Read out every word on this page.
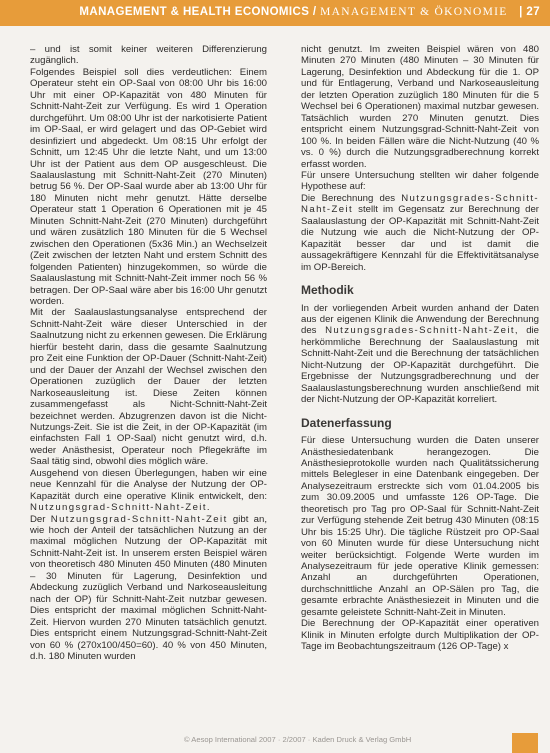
MANAGEMENT & HEALTH ECONOMICS / MANAGEMENT & ÖKONOMIE | 27

– und ist somit keiner weiteren Differenzierung zugänglich.

Folgendes Beispiel soll dies verdeutlichen: Einem Operateur steht ein OP-Saal von 08:00 Uhr bis 16:00 Uhr mit einer OP-Kapazität von 480 Minuten für Schnitt-Naht-Zeit zur Verfügung. Es wird 1 Operation durchgeführt. Um 08:00 Uhr ist der narkotisierte Patient im OP-Saal, er wird gelagert und das OP-Gebiet wird desinfiziert und abgedeckt. Um 08:15 Uhr erfolgt der Schnitt, um 12:45 Uhr die letzte Naht, und um 13:00 Uhr ist der Patient aus dem OP ausgeschleust. Die Saalauslastung mit Schnitt-Naht-Zeit (270 Minuten) betrug 56 %. Der OP-Saal wurde aber ab 13:00 Uhr für 180 Minuten nicht mehr genutzt. Hätte derselbe Operateur statt 1 Operation 6 Operationen mit je 45 Minuten Schnitt-Naht-Zeit (270 Minuten) durchgeführt und wären zusätzlich 180 Minuten für die 5 Wechsel zwischen den Operationen (5x36 Min.) an Wechselzeit (Zeit zwischen der letzten Naht und erstem Schnitt des folgenden Patienten) hinzugekommen, so würde die Saalauslastung mit Schnitt-Naht-Zeit immer noch 56 % betragen. Der OP-Saal wäre aber bis 16:00 Uhr genutzt worden.

Mit der Saalauslastungsanalyse entsprechend der Schnitt-Naht-Zeit wäre dieser Unterschied in der Saalnutzung nicht zu erkennen gewesen. Die Erklärung hierfür besteht darin, dass die gesamte Saalnutzung pro Zeit eine Funktion der OP-Dauer (Schnitt-Naht-Zeit) und der Dauer der Anzahl der Wechsel zwischen den Operationen zuzüglich der Dauer der letzten Narkoseausleitung ist. Diese Zeiten können zusammengefasst als Nicht-Schnitt-Naht-Zeit bezeichnet werden. Abzugrenzen davon ist die Nicht-Nutzungs-Zeit. Sie ist die Zeit, in der OP-Kapazität (im einfachsten Fall 1 OP-Saal) nicht genutzt wird, d.h. weder Anästhesist, Operateur noch Pflegekräfte im Saal tätig sind, obwohl dies möglich wäre.

Ausgehend von diesen Überlegungen, haben wir eine neue Kennzahl für die Analyse der Nutzung der OP-Kapazität durch eine operative Klinik entwickelt, den: Nutzungsgrad-Schnitt-Naht-Zeit.

Der Nutzungsgrad-Schnitt-Naht-Zeit gibt an, wie hoch der Anteil der tatsächlichen Nutzung an der maximal möglichen Nutzung der OP-Kapazität mit Schnitt-Naht-Zeit ist. In unserem ersten Beispiel wären von theoretisch 480 Minuten 450 Minuten (480 Minuten – 30 Minuten für Lagerung, Desinfektion und Abdeckung zuzüglich Verband und Narkoseausleitung nach der OP) für Schnitt-Naht-Zeit nutzbar gewesen. Dies entspricht der maximal möglichen Schnitt-Naht-Zeit. Hiervon wurden 270 Minuten tatsächlich genutzt. Dies entspricht einem Nutzungsgrad-Schnitt-Naht-Zeit von 60 % (270x100/450=60). 40 % von 450 Minuten, d.h. 180 Minuten wurden

nicht genutzt. Im zweiten Beispiel wären von 480 Minuten 270 Minuten (480 Minuten – 30 Minuten für Lagerung, Desinfektion und Abdeckung für die 1. OP und für Entlagerung, Verband und Narkoseausleitung der letzten Operation zuzüglich 180 Minuten für die 5 Wechsel bei 6 Operationen) maximal nutzbar gewesen. Tatsächlich wurden 270 Minuten genutzt. Dies entspricht einem Nutzungsgrad-Schnitt-Naht-Zeit von 100 %. In beiden Fällen wäre die Nicht-Nutzung (40 % vs. 0 %) durch die Nutzungsgradberechnung korrekt erfasst worden.

Für unsere Untersuchung stellten wir daher folgende Hypothese auf:

Die Berechnung des Nutzungsgrades-Schnitt-Naht-Zeit stellt im Gegensatz zur Berechnung der Saalauslastung der OP-Kapazität mit Schnitt-Naht-Zeit die Nutzung wie auch die Nicht-Nutzung der OP-Kapazität besser dar und ist damit die aussagekräftigere Kennzahl für die Effektivitätsanalyse im OP-Bereich.

Methodik

In der vorliegenden Arbeit wurden anhand der Daten aus der eigenen Klinik die Anwendung der Berechnung des Nutzungsgrades-Schnitt-Naht-Zeit, die herkömmliche Berechnung der Saalauslastung mit Schnitt-Naht-Zeit und die Berechnung der tatsächlichen Nicht-Nutzung der OP-Kapazität durchgeführt. Die Ergebnisse der Nutzungsgradberechnung und der Saalauslastungsberechnung wurden anschließend mit der Nicht-Nutzung der OP-Kapazität korreliert.

Datenerfassung

Für diese Untersuchung wurden die Daten unserer Anästhesiedatenbank herangezogen. Die Anästhesieprotokolle wurden nach Qualitätssicherung mittels Belegleser in eine Datenbank eingegeben. Der Analysezeitraum erstreckte sich vom 01.04.2005 bis zum 30.09.2005 und umfasste 126 OP-Tage. Die theoretisch pro Tag pro OP-Saal für Schnitt-Naht-Zeit zur Verfügung stehende Zeit betrug 430 Minuten (08:15 Uhr bis 15:25 Uhr). Die tägliche Rüstzeit pro OP-Saal von 60 Minuten wurde für diese Untersuchung nicht weiter berücksichtigt. Folgende Werte wurden im Analysezeitraum für jede operative Klinik gemessen: Anzahl an durchgeführten Operationen, durchschnittliche Anzahl an OP-Sälen pro Tag, die gesamte erbrachte Anästhesiezeit in Minuten und die gesamte geleistete Schnitt-Naht-Zeit in Minuten.

Die Berechnung der OP-Kapazität einer operativen Klinik in Minuten erfolgte durch Multiplikation der OP-Tage im Beobachtungszeitraum (126 OP-Tage) x

© Aesop International 2007 · 2/2007 · Kaden Druck & Verlag GmbH
